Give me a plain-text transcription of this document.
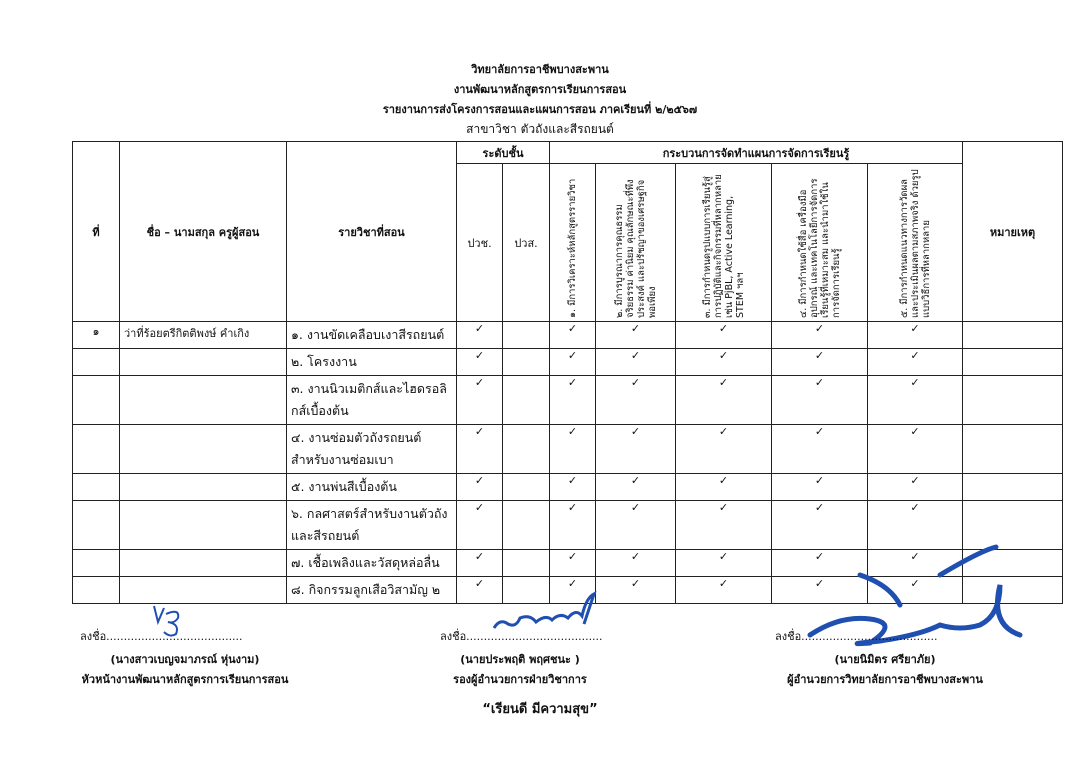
วิทยาลัยการอาชีพบางสะพาน
งานพัฒนาหลักสูตรการเรียนการสอน
รายงานการส่งโครงการสอนและแผนการสอน ภาคเรียนที่ ๒/๒๕๖๗
สาขาวิชา ตัวถังและสีรถยนต์
ที่	ชื่อ – นามสกุล ครูผู้สอน	รายวิชาที่สอน	ระดับชั้น		กระบวนการจัดทำแผนการจัดการเรียนรู้					หมายเหตุ
			ปวช.	ปวส.	๑. มีการวิเคราะห์หลักสูตรรายวิชา	๒. มีการบูรณาการคุณธรรม จริยธรรม ค่านิยม คุณลักษณะที่พึงประสงค์ และปรัชญาของเศรษฐกิจพอเพียง	๓. มีการกำหนดรูปแบบการเรียนรู้สู่การปฏิบัติและกิจกรรมที่หลากหลาย เช่น PjBL, Active Learning, STEM ฯลฯ	๔. มีการกำหนดใช้สื่อ เครื่องมือ อุปกรณ์ และเทคโนโลยีการจัดการเรียนรู้ที่เหมาะสม และนำมาใช้ในการจัดการเรียนรู้	๕. มีการกำหนดแนวทางการวัดผลและประเมินผลตามสภาพจริง ด้วยรูปแบบวิธีการที่หลากหลาย	

๑	ว่าที่ร้อยตรีกิตติพงษ์ คำเกิง	๑. งานขัดเคลือบเงาสีรถยนต์	✓		✓	✓	✓	✓	✓	
		๒. โครงงาน	✓		✓	✓	✓	✓	✓	
		๓. งานนิวเมติกส์และไฮดรอลิกส์เบื้องต้น	✓		✓	✓	✓	✓	✓	
		๔. งานซ่อมตัวถังรถยนต์สำหรับงานซ่อมเบา	✓		✓	✓	✓	✓	✓	
		๕. งานพ่นสีเบื้องต้น	✓		✓	✓	✓	✓	✓	
		๖. กลศาสตร์สำหรับงานตัวถังและสีรถยนต์	✓		✓	✓	✓	✓	✓	
		๗. เชื้อเพลิงและวัสดุหล่อลื่น	✓		✓	✓	✓	✓	✓	
		๘. กิจกรรมลูกเสือวิสามัญ ๒	✓		✓	✓	✓	✓	✓	
ลงชื่อ.......................................	ลงชื่อ.......................................	ลงชื่อ.......................................
(นางสาวเบญจมาภรณ์ หุ่นงาม)
หัวหน้างานพัฒนาหลักสูตรการเรียนการสอน
(นายประพฤติ พฤศชนะ )
รองผู้อำนวยการฝ่ายวิชาการ
(นายนิมิตร ศรียาภัย)
ผู้อำนวยการวิทยาลัยการอาชีพบางสะพาน
“เรียนดี มีความสุข”
